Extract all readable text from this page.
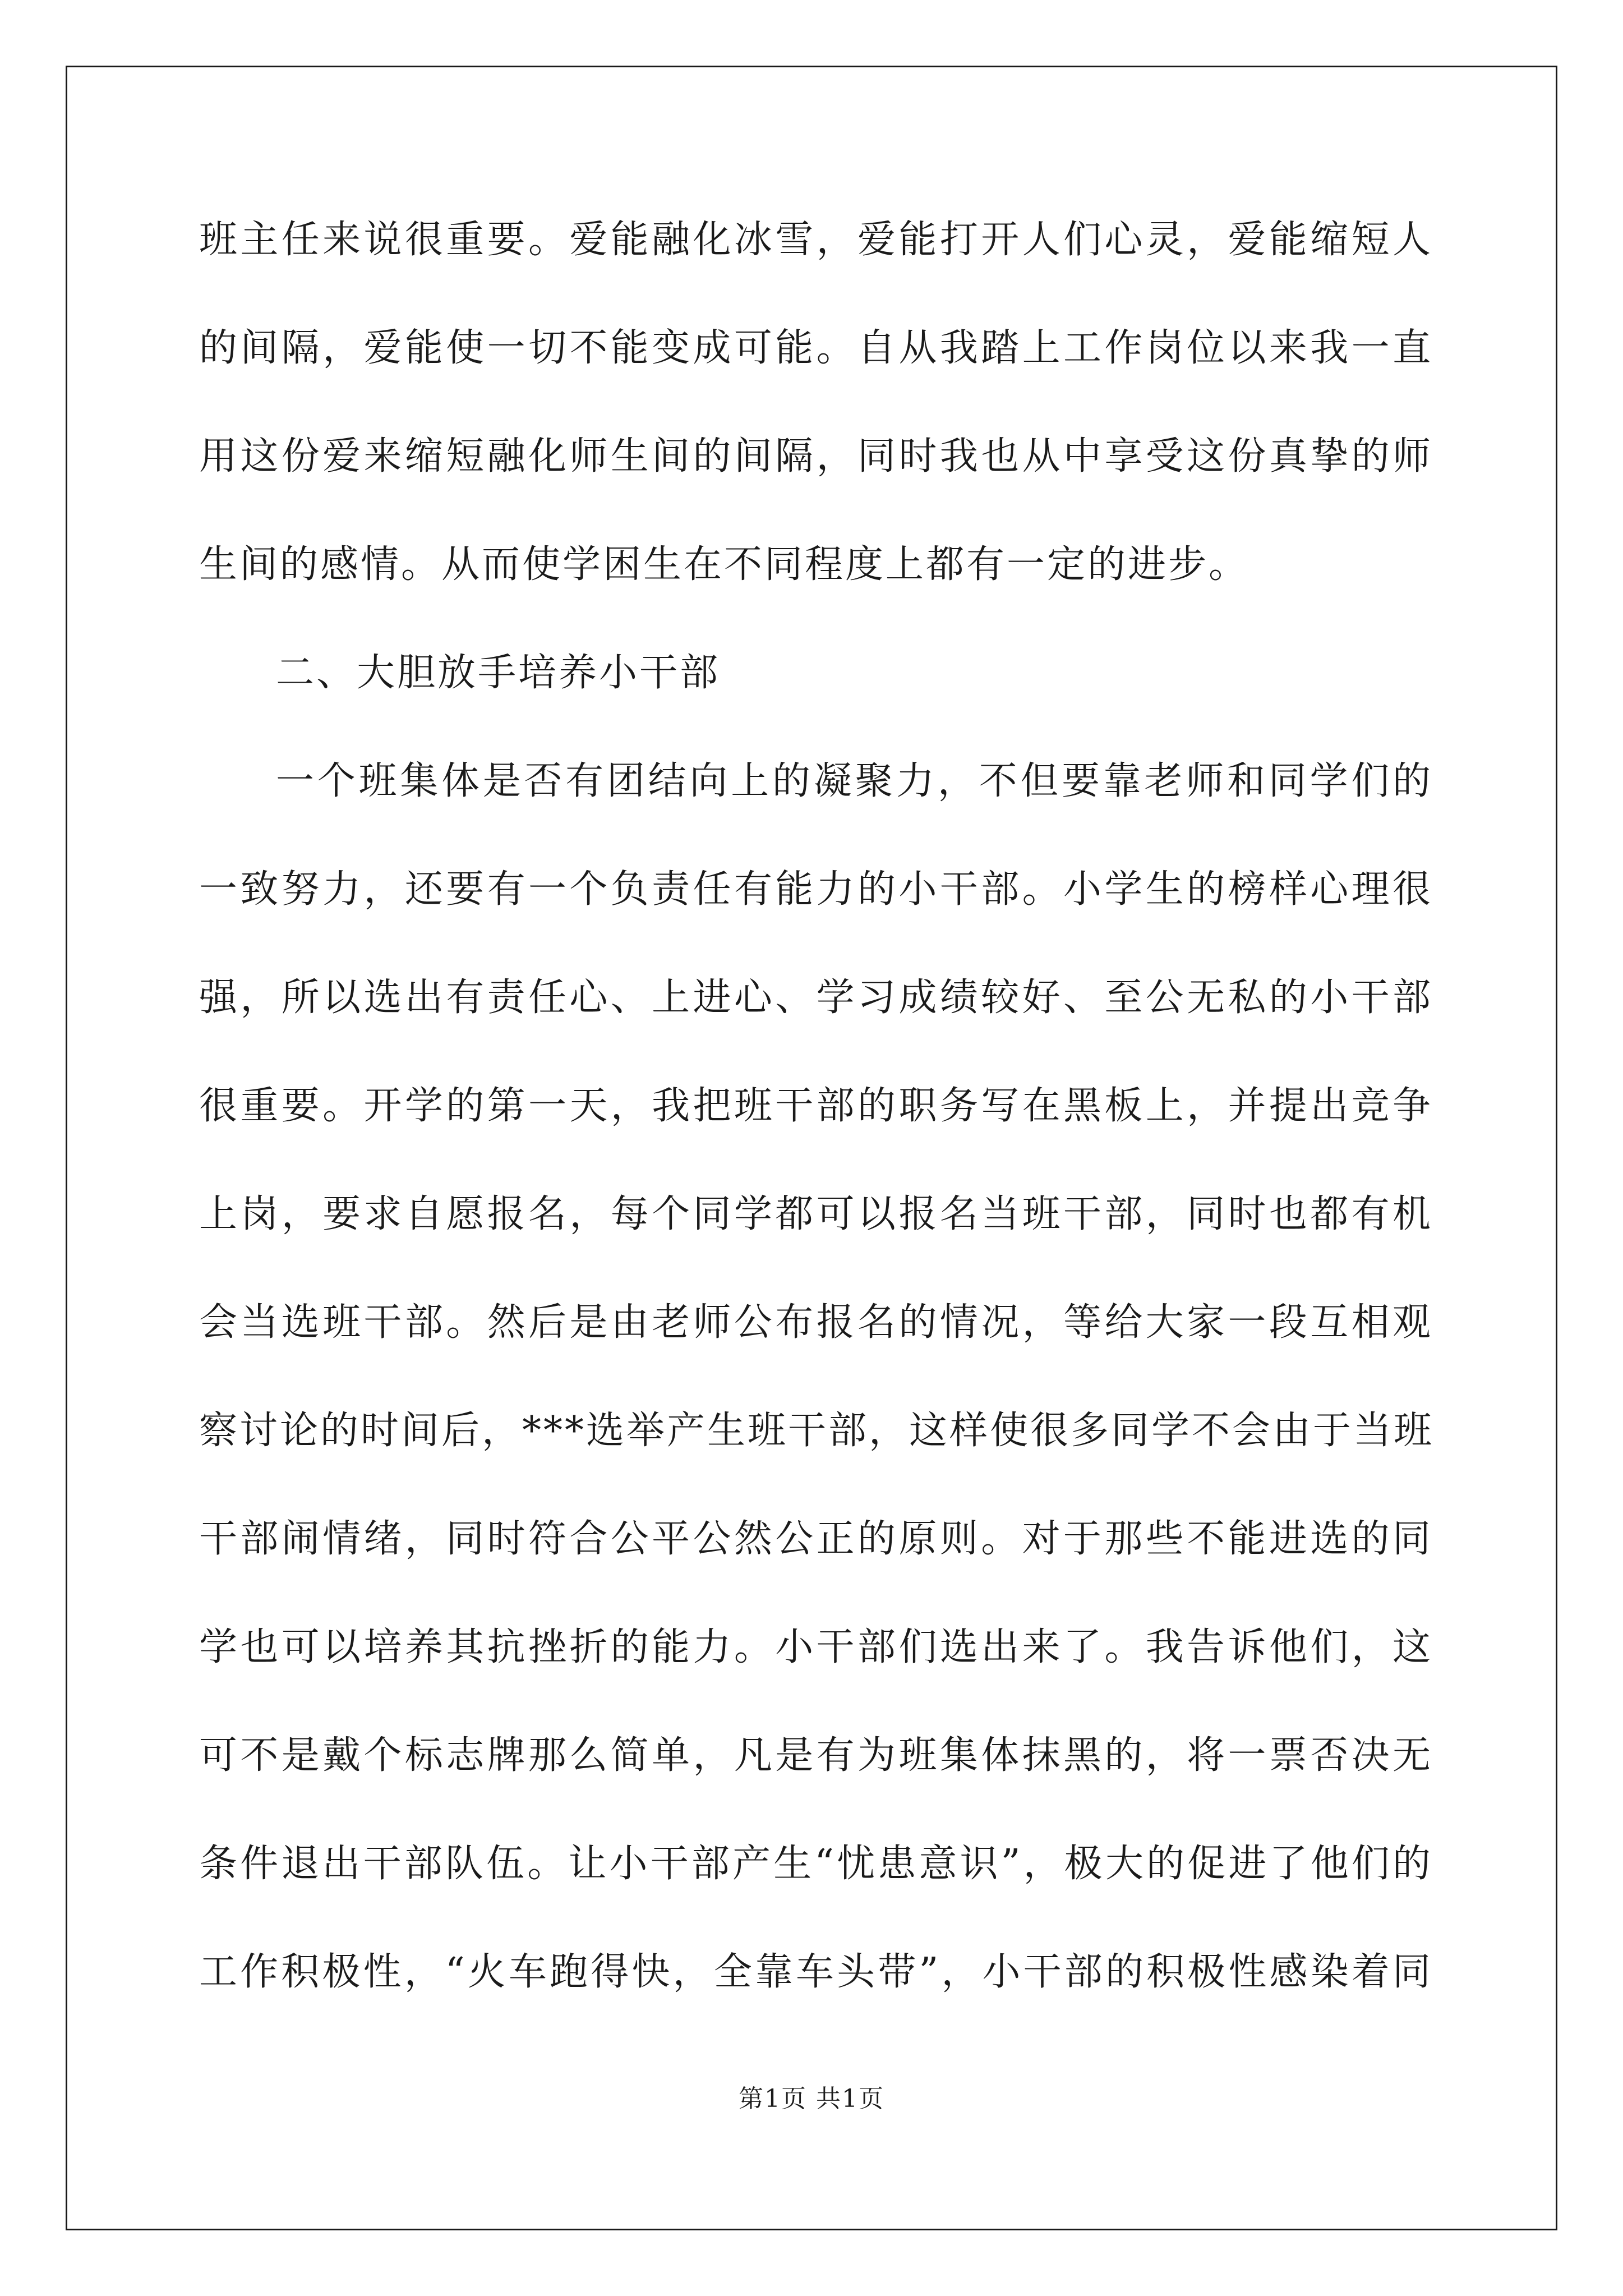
班主任来说很重要。爱能融化冰雪，爱能打开人们心灵，爱能缩短人
的间隔，爱能使一切不能变成可能。自从我踏上工作岗位以来我一直
用这份爱来缩短融化师生间的间隔，同时我也从中享受这份真挚的师
生间的感情。从而使学困生在不同程度上都有一定的进步。
二、大胆放手培养小干部
一个班集体是否有团结向上的凝聚力，不但要靠老师和同学们的
一致努力，还要有一个负责任有能力的小干部。小学生的榜样心理很
强，所以选出有责任心、上进心、学习成绩较好、至公无私的小干部
很重要。开学的第一天，我把班干部的职务写在黑板上，并提出竞争
上岗，要求自愿报名，每个同学都可以报名当班干部，同时也都有机
会当选班干部。然后是由老师公布报名的情况，等给大家一段互相观
察讨论的时间后，***选举产生班干部，这样使很多同学不会由于当班
干部闹情绪，同时符合公平公然公正的原则。对于那些不能进选的同
学也可以培养其抗挫折的能力。小干部们选出来了。我告诉他们，这
可不是戴个标志牌那么简单，凡是有为班集体抹黑的，将一票否决无
条件退出干部队伍。让小干部产生“忧患意识”，极大的促进了他们的
工作积极性，“火车跑得快，全靠车头带”，小干部的积极性感染着同
第1页 共1页
